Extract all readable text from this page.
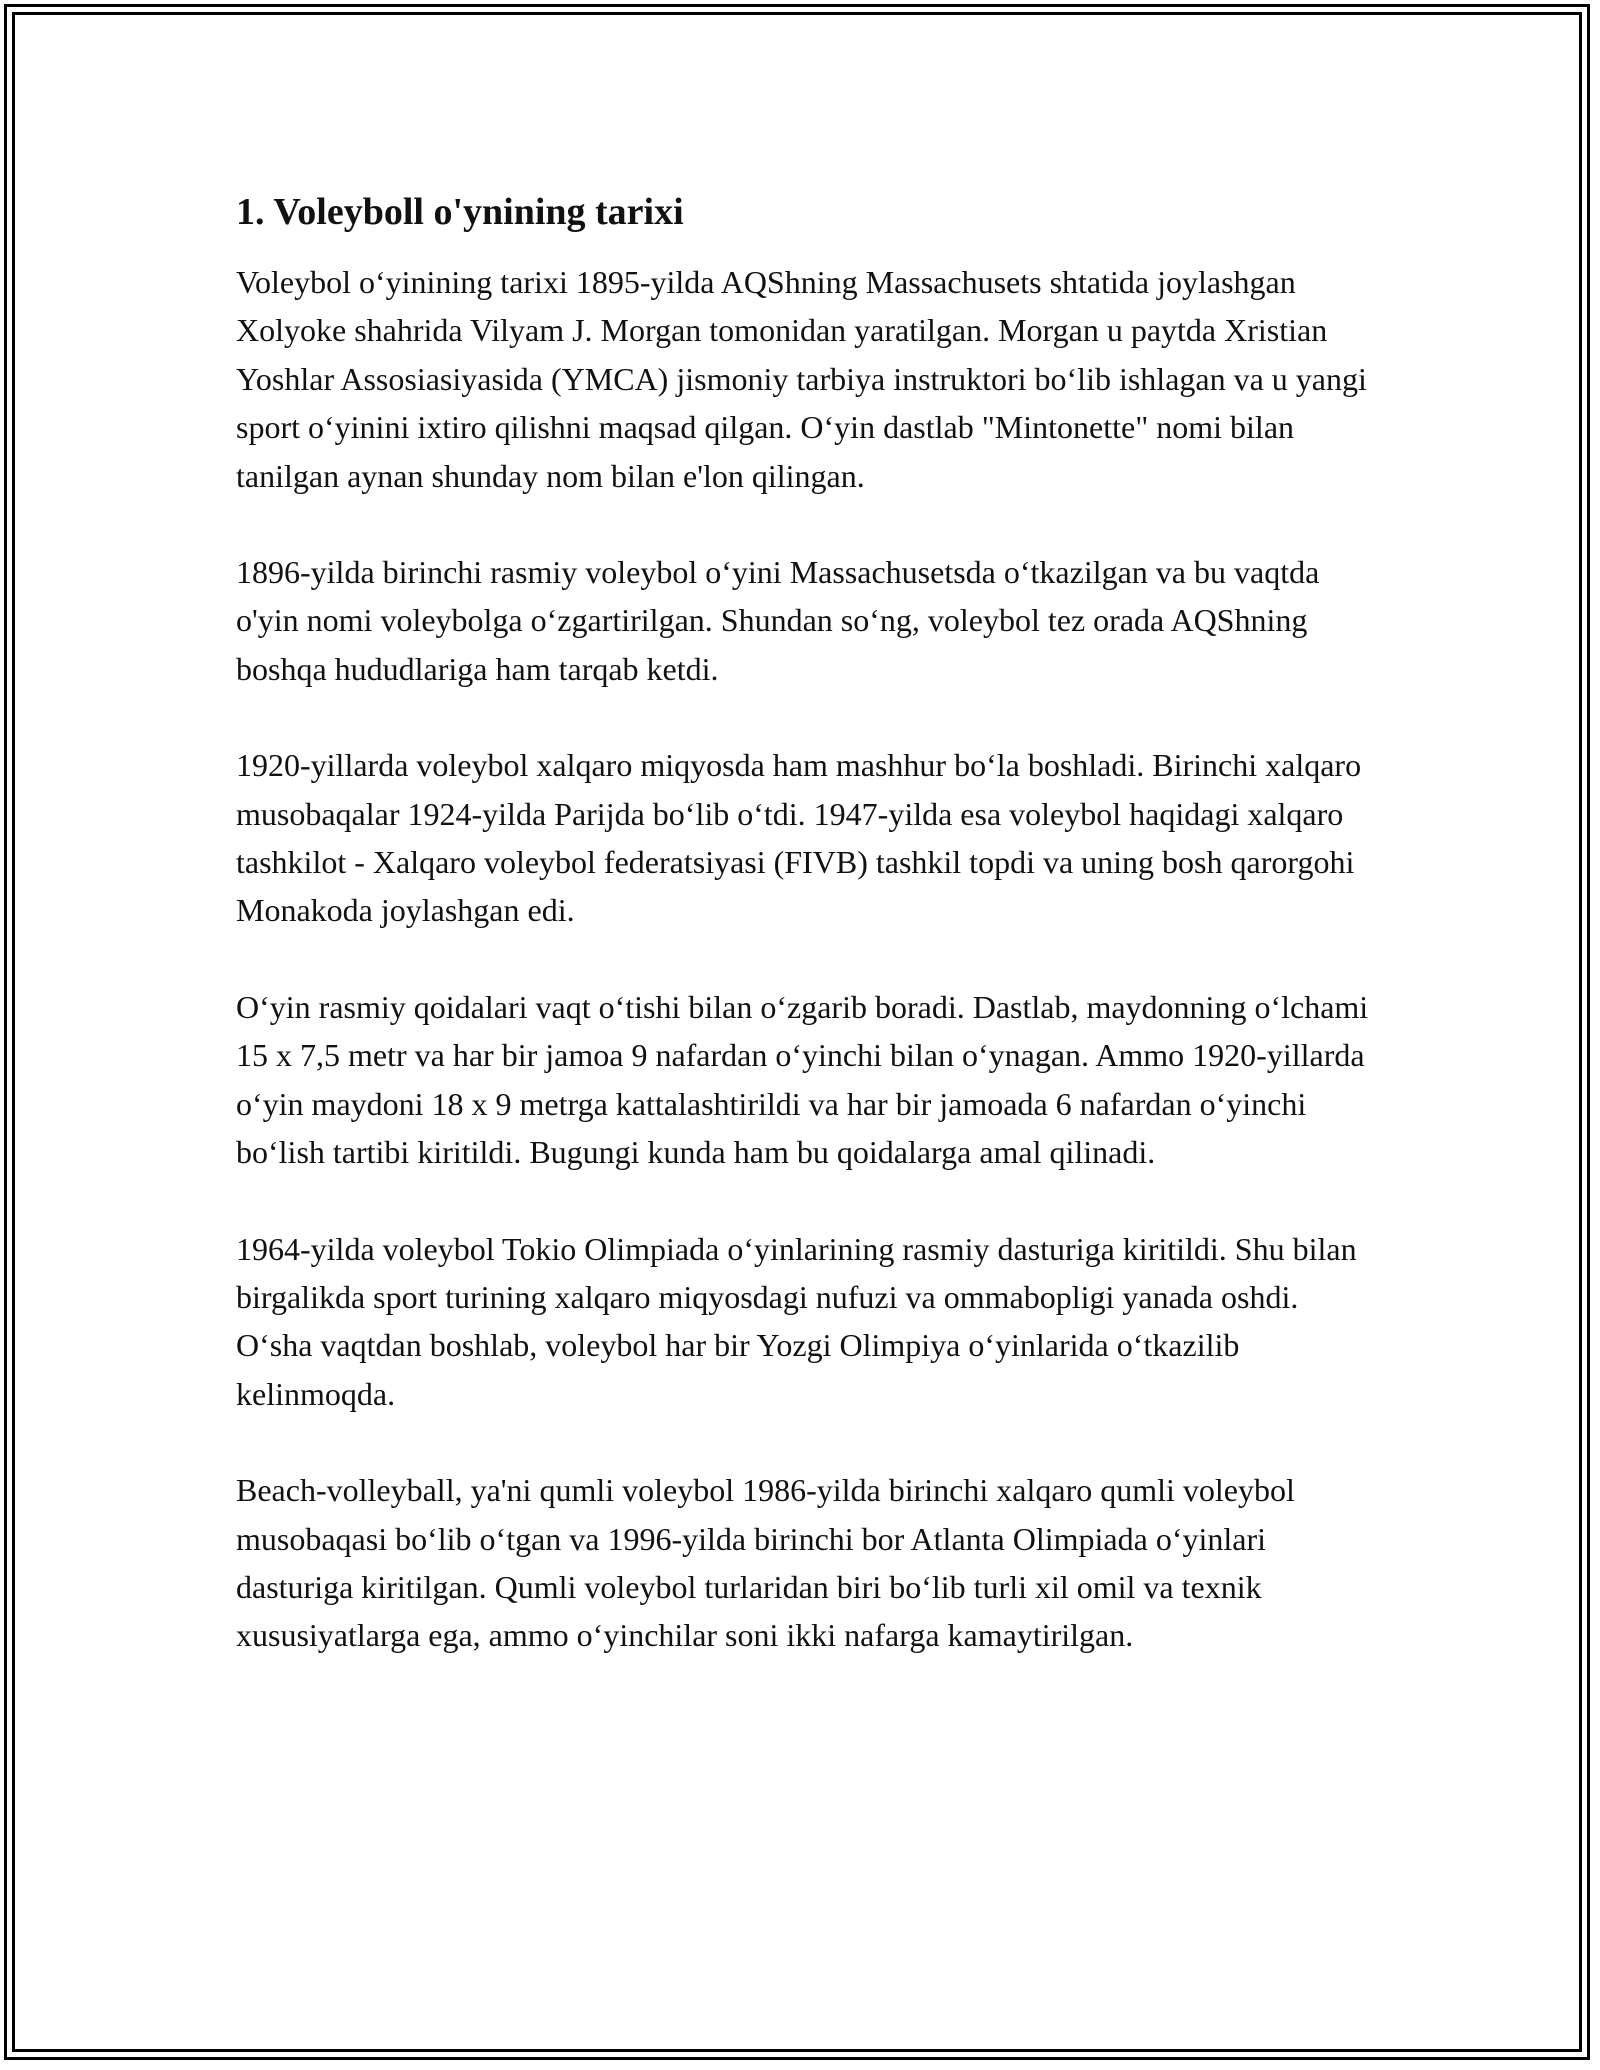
1. Voleyboll o'ynining tarixi

Voleybol o‘yinining tarixi 1895-yilda AQShning Massachusets shtatida joylashgan Xolyoke shahrida Vilyam J. Morgan tomonidan yaratilgan. Morgan u paytda Xristian Yoshlar Assosiasiyasida (YMCA) jismoniy tarbiya instruktori bo‘lib ishlagan va u yangi sport o‘yinini ixtiro qilishni maqsad qilgan. O‘yin dastlab "Mintonette" nomi bilan tanilgan aynan shunday nom bilan e'lon qilingan.

1896-yilda birinchi rasmiy voleybol o‘yini Massachusetsda o‘tkazilgan va bu vaqtda o'yin nomi voleybolga o‘zgartirilgan. Shundan so‘ng, voleybol tez orada AQShning boshqa hududlariga ham tarqab ketdi.

1920-yillarda voleybol xalqaro miqyosda ham mashhur bo‘la boshladi. Birinchi xalqaro musobaqalar 1924-yilda Parijda bo‘lib o‘tdi. 1947-yilda esa voleybol haqidagi xalqaro tashkilot - Xalqaro voleybol federatsiyasi (FIVB) tashkil topdi va uning bosh qarorgohi Monakoda joylashgan edi.

O‘yin rasmiy qoidalari vaqt o‘tishi bilan o‘zgarib boradi. Dastlab, maydonning o‘lchami 15 x 7,5 metr va har bir jamoa 9 nafardan o‘yinchi bilan o‘ynagan. Ammo 1920-yillarda o‘yin maydoni 18 x 9 metrga kattalashtirildi va har bir jamoada 6 nafardan o‘yinchi bo‘lish tartibi kiritildi. Bugungi kunda ham bu qoidalarga amal qilinadi.

1964-yilda voleybol Tokio Olimpiada o‘yinlarining rasmiy dasturiga kiritildi. Shu bilan birgalikda sport turining xalqaro miqyosdagi nufuzi va ommabopligi yanada oshdi. O‘sha vaqtdan boshlab, voleybol har bir Yozgi Olimpiya o‘yinlarida o‘tkazilib kelinmoqda.

Beach-volleyball, ya'ni qumli voleybol 1986-yilda birinchi xalqaro qumli voleybol musobaqasi bo‘lib o‘tgan va 1996-yilda birinchi bor Atlanta Olimpiada o‘yinlari dasturiga kiritilgan. Qumli voleybol turlaridan biri bo‘lib turli xil omil va texnik xususiyatlarga ega, ammo o‘yinchilar soni ikki nafarga kamaytirilgan.
